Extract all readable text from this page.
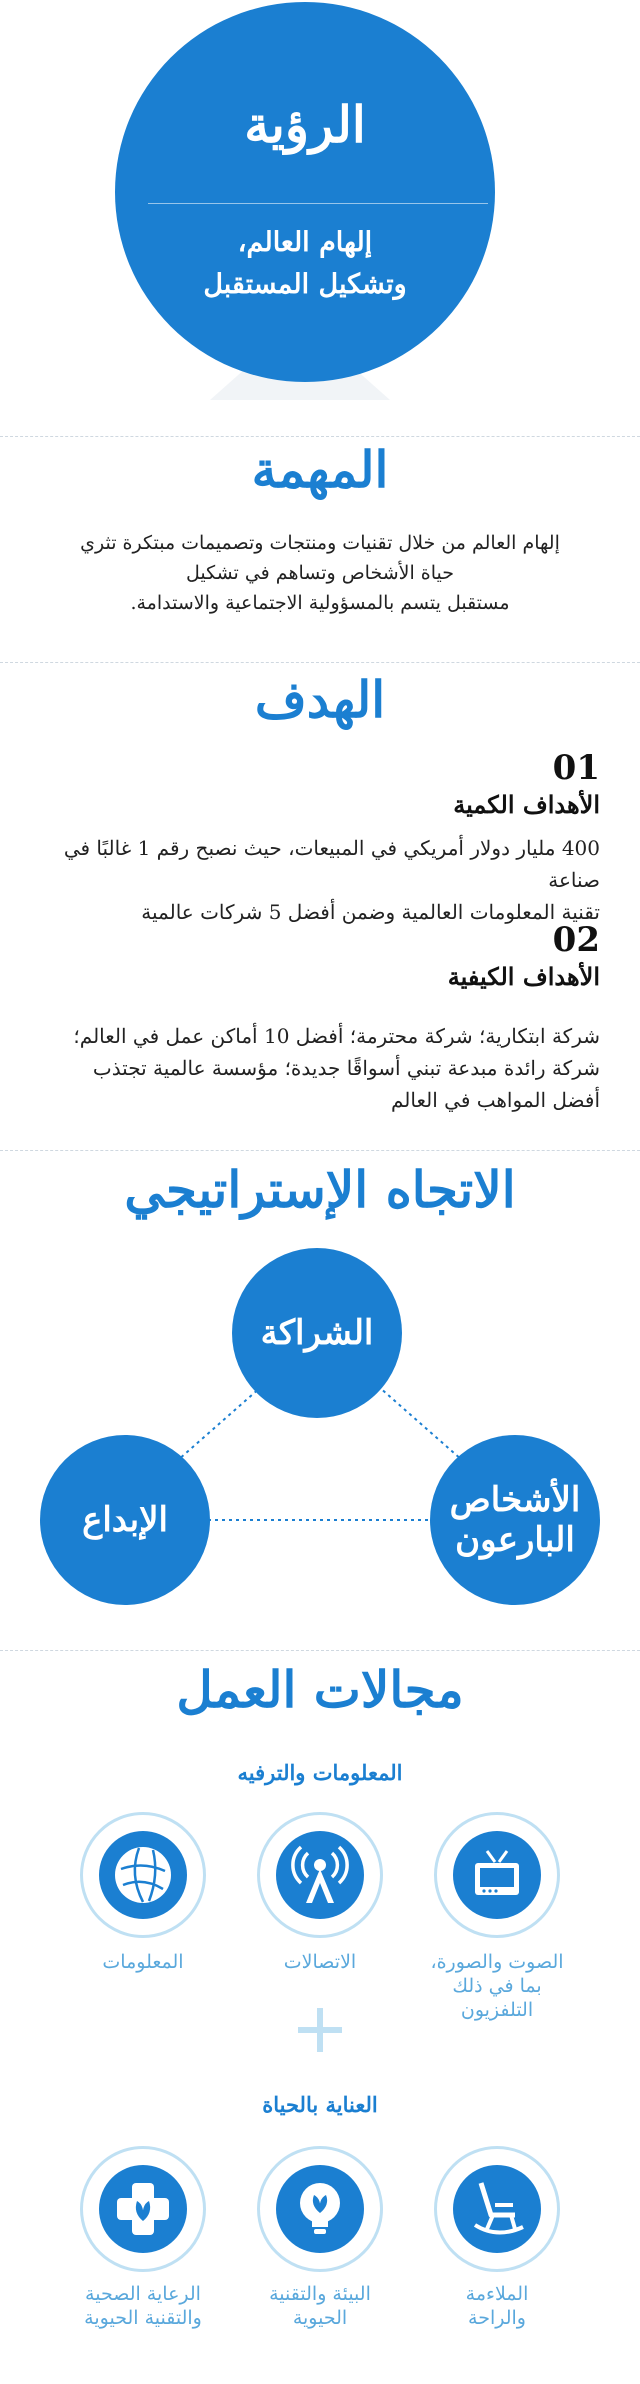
الرؤية
إلهام العالم،
وتشكيل المستقبل
المهمة
إلهام العالم من خلال تقنيات ومنتجات وتصميمات مبتكرة تثري
حياة الأشخاص وتساهم في تشكيل
مستقبل يتسم بالمسؤولية الاجتماعية والاستدامة.
الهدف
01
الأهداف الكمية
400 مليار دولار أمريكي في المبيعات، حيث نصبح رقم 1 غالبًا في صناعة
تقنية المعلومات العالمية وضمن أفضل 5 شركات عالمية
02
الأهداف الكيفية
شركة ابتكارية؛ شركة محترمة؛ أفضل 10 أماكن عمل في العالم؛
شركة رائدة مبدعة تبني أسواقًا جديدة؛ مؤسسة عالمية تجتذب
أفضل المواهب في العالم
الاتجاه الإستراتيجي
الشراكة
الإبداع	الأشخاص
البارعون
مجالات العمل
المعلومات والترفيه
الصوت والصورة،
بما في ذلك
التلفزيون
الاتصالات
المعلومات
العناية بالحياة
الملاءمة
والراحة
البيئة والتقنية
الحيوية
الرعاية الصحية
والتقنية الحيوية
